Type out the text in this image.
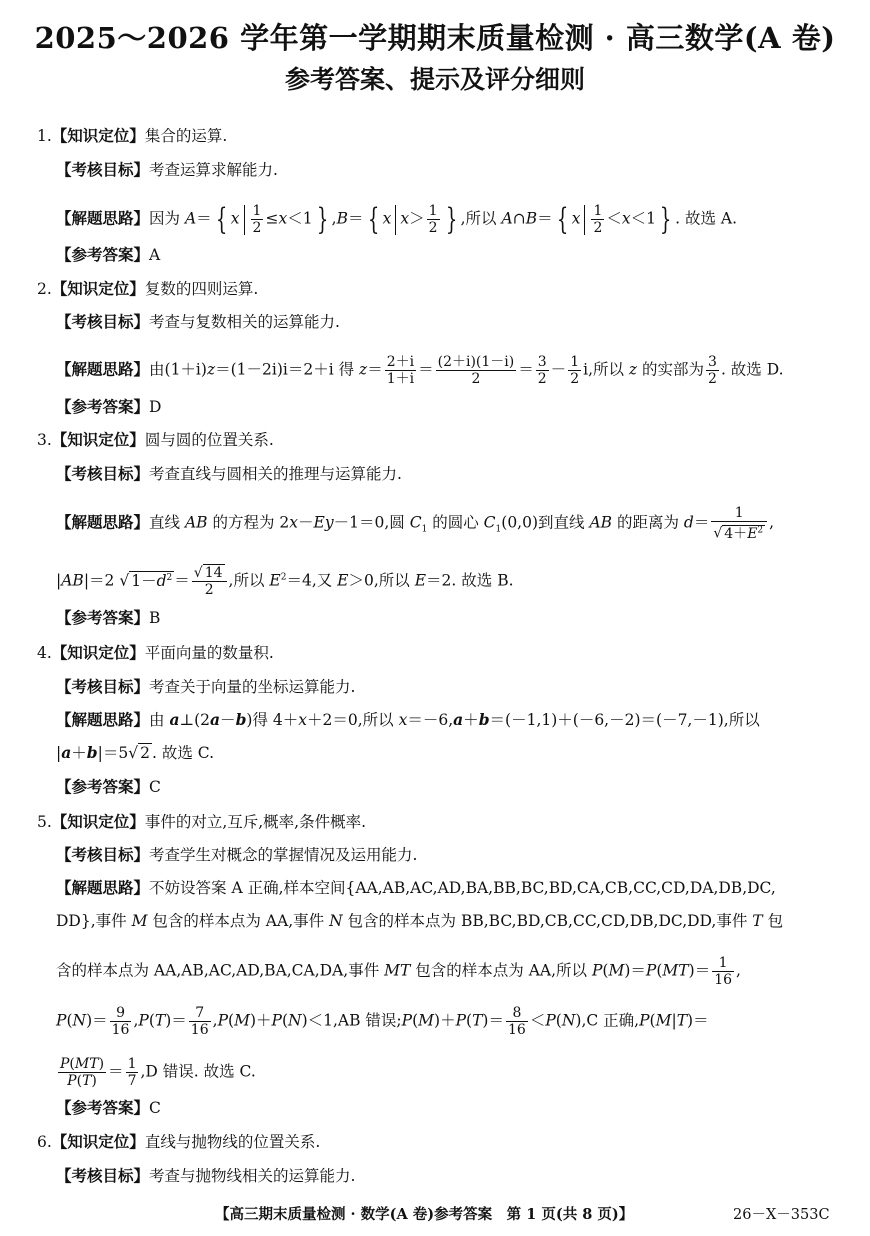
2025～2026 学年第一学期期末质量检测 · 高三数学(A 卷)
参考答案、提示及评分细则
1.【知识定位】集合的运算.
【考核目标】考查运算求解能力.
【解题思路】因为 A＝ { x $\frac{1}{2} \le x<1$ } ,B＝ { x $x> \frac{1}{2}$ } ,所以 A∩B＝ { x $\frac{1}{2} <x<1$ } . 故选 A.
【参考答案】A
2.【知识定位】复数的四则运算.
【考核目标】考查与复数相关的运算能力.
【解题思路】由(1＋i)z＝(1－2i)i＝2＋i 得 $z= \frac{2+i}{1+i} = \frac{(2+i)(1-i)}{2} = \frac{3}{2} - \frac{1}{2} i$,所以 z 的实部为 $\frac{3}{2}$ . 故选 D.
【参考答案】D
3.【知识定位】圆与圆的位置关系.
【考核目标】考查直线与圆相关的推理与运算能力.
【解题思路】直线 AB 的方程为 2x－Ey－1＝0,圆 $C_1$ 的圆心 $C_1(0,0)$到直线 AB 的距离为 $d= \frac{1}{√ 4+E^2}$ ,
|AB|＝2 √ $1-d^2 = \frac{√ 14}{2}$ ,所以 $E^2=4$,又 E＞0,所以 E＝2. 故选 B.
【参考答案】B
4.【知识定位】平面向量的数量积.
【考核目标】考查关于向量的坐标运算能力.
【解题思路】由 a⊥(2a－b)得 4＋x＋2＝0,所以 x＝－6,a＋b＝(－1,1)＋(－6,－2)＝(－7,－1),所以
|a＋b|＝5√ 2 . 故选 C.
【参考答案】C
5.【知识定位】事件的对立,互斥,概率,条件概率.
【考核目标】考查学生对概念的掌握情况及运用能力.
【解题思路】不妨设答案 A 正确,样本空间{AA,AB,AC,AD,BA,BB,BC,BD,CA,CB,CC,CD,DA,DB,DC,
DD},事件 M 包含的样本点为 AA,事件 N 包含的样本点为 BB,BC,BD,CB,CC,CD,DB,DC,DD,事件 T 包
含的样本点为 AA,AB,AC,AD,BA,CA,DA,事件 MT 包含的样本点为 AA,所以 $P(M)=P(MT)= \frac{1}{16}$ ,
$P(N)= \frac{9}{16} ,P(T)= \frac{7}{16} ,P(M)+P(N)<1,AB$ 错误;P(M)＋P(T)＝ $\frac{8}{16} <P(N),C$ 正确,P(M|T)＝
$\frac{P(MT)}{P(T)} = \frac{1}{7} ,D$ 错误. 故选 C.
【参考答案】C
6.【知识定位】直线与抛物线的位置关系.
【考核目标】考查与抛物线相关的运算能力.
【高三期末质量检测 · 数学(A 卷)参考答案　第 1 页(共 8 页)】	26－X－353C
